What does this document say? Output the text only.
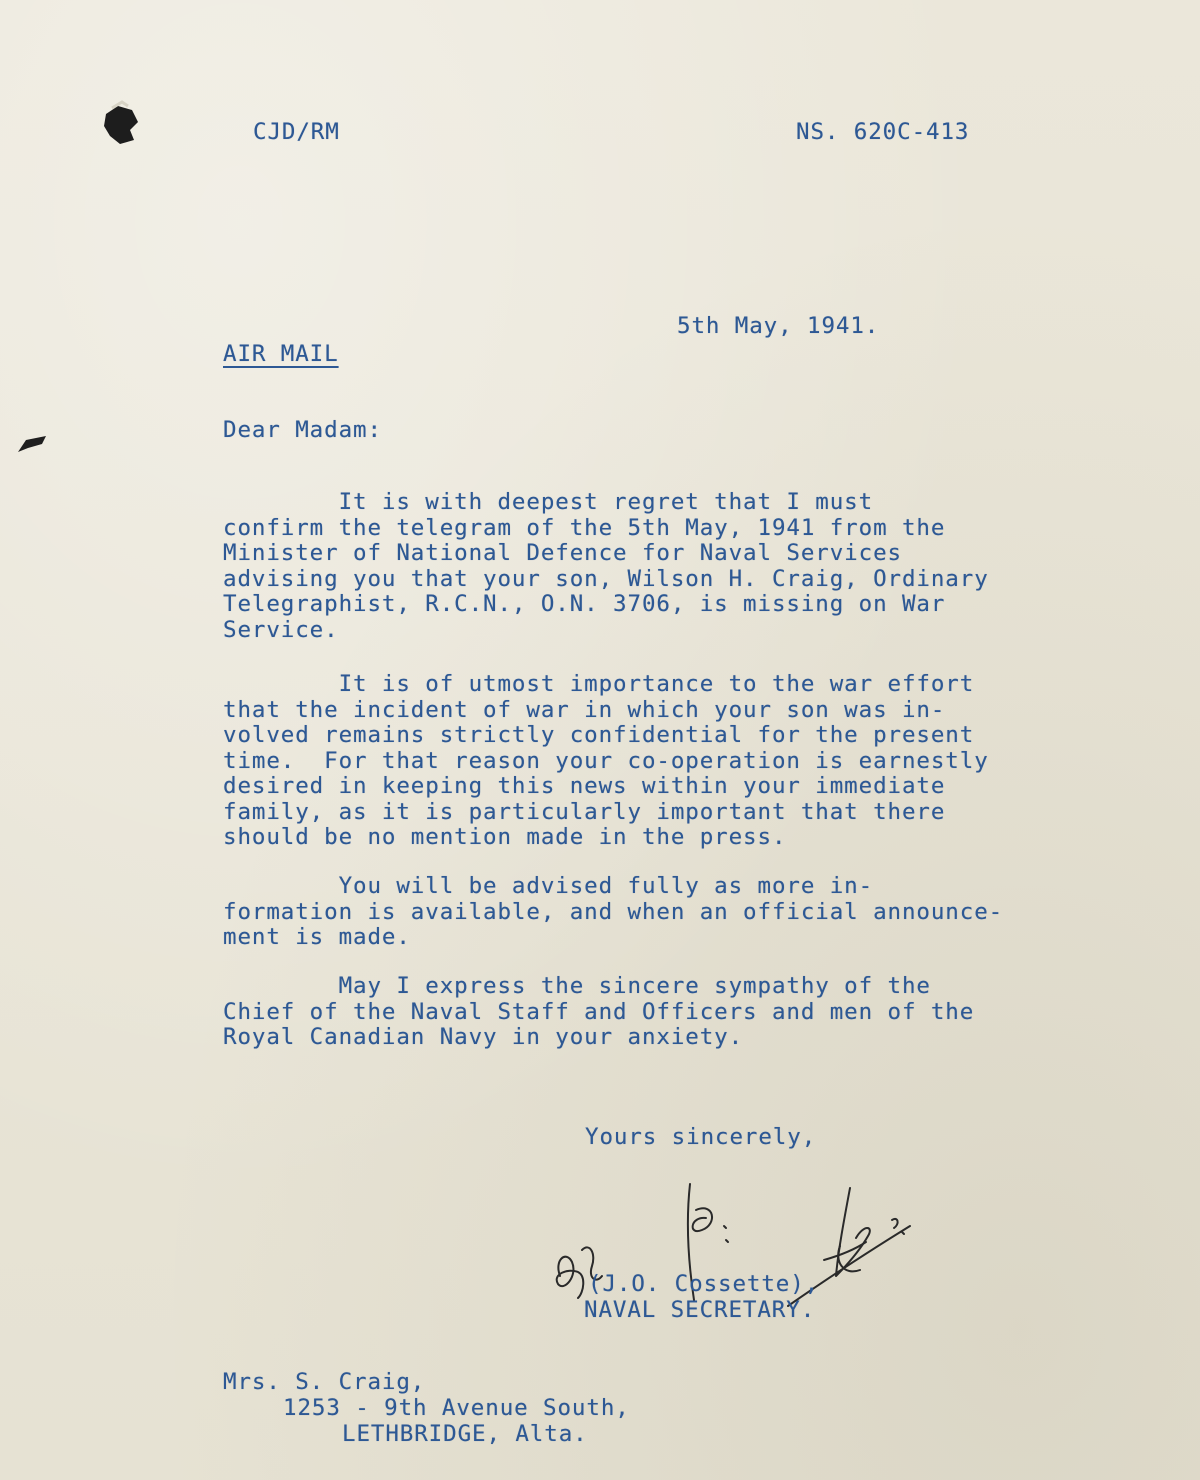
CJD/RM	NS. 620C-413
5th May, 1941.
AIR MAIL
Dear Madam:
It is with deepest regret that I must
confirm the telegram of the 5th May, 1941 from the
Minister of National Defence for Naval Services
advising you that your son, Wilson H. Craig, Ordinary
Telegraphist, R.C.N., O.N. 3706, is missing on War
Service.
It is of utmost importance to the war effort
that the incident of war in which your son was in-
volved remains strictly confidential for the present
time.  For that reason your co-operation is earnestly
desired in keeping this news within your immediate
family, as it is particularly important that there
should be no mention made in the press.
You will be advised fully as more in-
formation is available, and when an official announce-
ment is made.
May I express the sincere sympathy of the
Chief of the Naval Staff and Officers and men of the
Royal Canadian Navy in your anxiety.
Yours sincerely,
(J.O. Cossette),
NAVAL SECRETARY.
Mrs. S. Craig,
1253 - 9th Avenue South,
LETHBRIDGE, Alta.
